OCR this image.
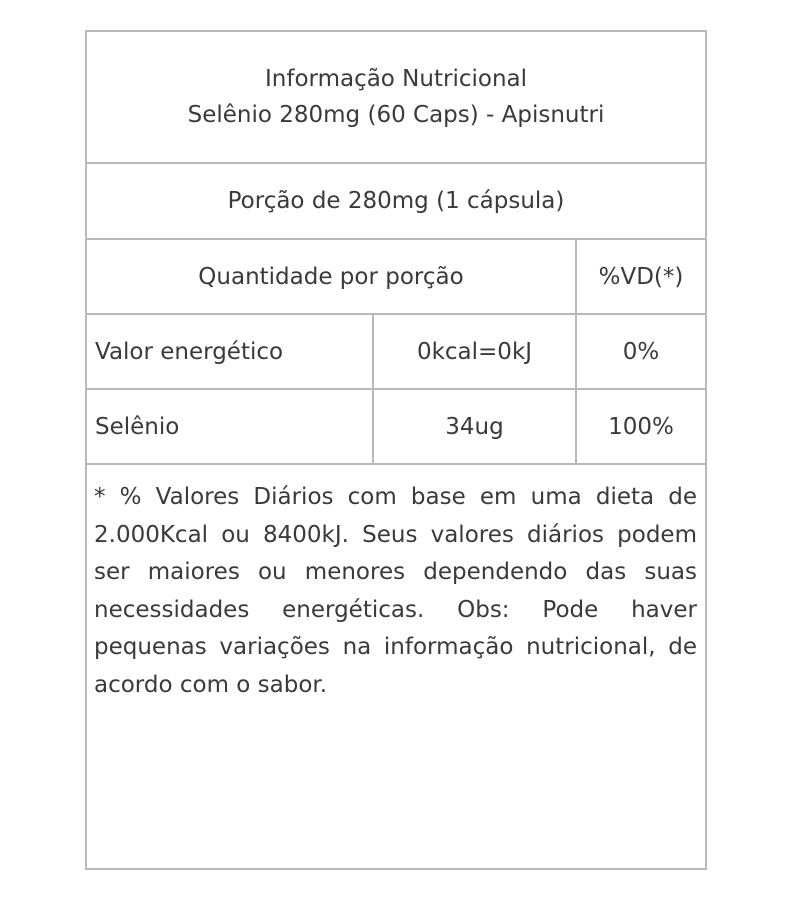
Informação Nutricional
Selênio 280mg (60 Caps) - Apisnutri		

Porção de 280mg (1 cápsula)		
Quantidade por porção		%VD(*)
Valor energético	0kcal=0kJ	0%
Selênio	34ug	100%
* % Valores Diários com base em uma dieta de 2.000Kcal ou 8400kJ. Seus valores diários podem ser maiores ou menores dependendo das suas necessidades energéticas. Obs: Pode haver pequenas variações na informação nutricional, de acordo com o sabor.		
